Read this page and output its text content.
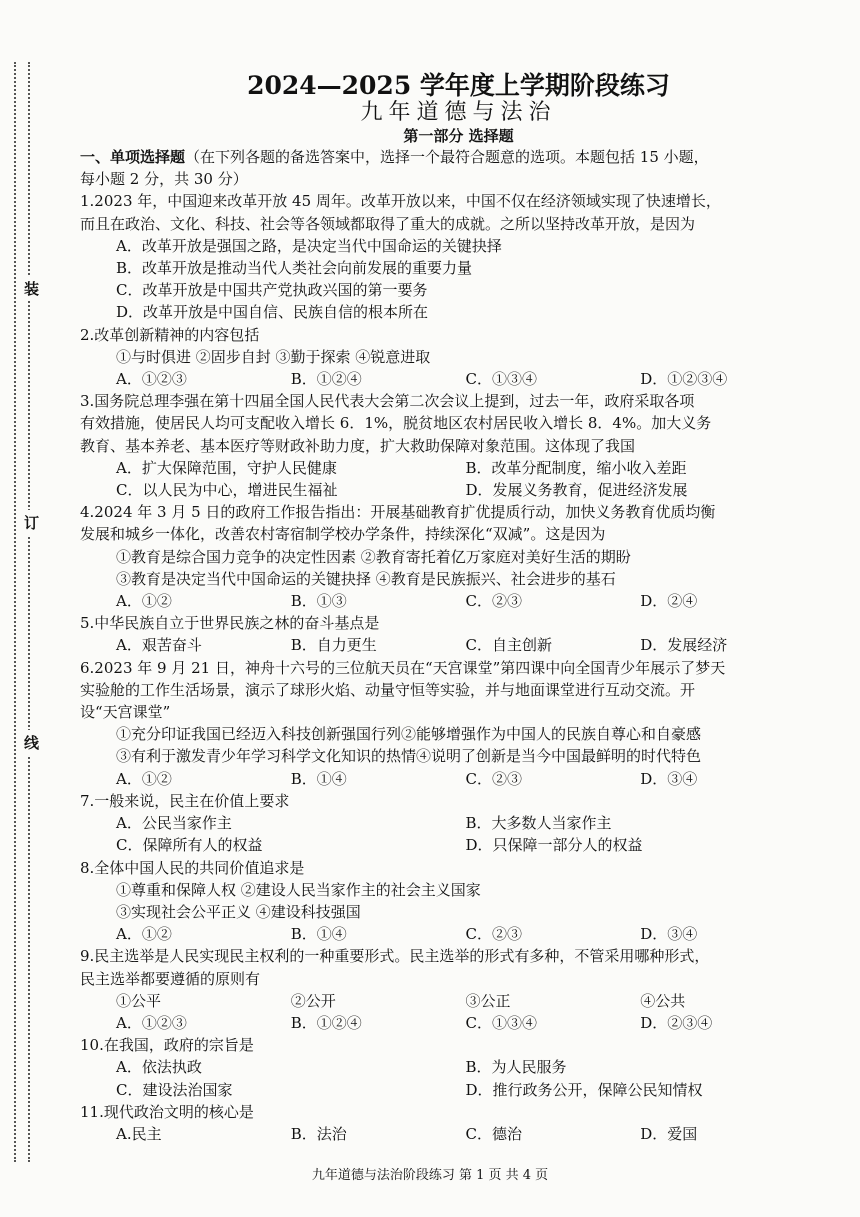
装
订
线
2024—2025 学年度上学期阶段练习
九年道德与法治
第一部分 选择题
一、单项选择题（在下列各题的备选答案中，选择一个最符合题意的选项。本题包括 15 小题，
每小题 2 分，共 30 分）
1.2023 年，中国迎来改革开放 45 周年。改革开放以来，中国不仅在经济领域实现了快速增长，
而且在政治、文化、科技、社会等各领域都取得了重大的成就。之所以坚持改革开放，是因为
A．改革开放是强国之路，是决定当代中国命运的关键抉择
B．改革开放是推动当代人类社会向前发展的重要力量
C．改革开放是中国共产党执政兴国的第一要务
D．改革开放是中国自信、民族自信的根本所在
2.改革创新精神的内容包括
①与时俱进 ②固步自封 ③勤于探索 ④锐意进取
A．①②③	B．①②④	C．①③④	D．①②③④
3.国务院总理李强在第十四届全国人民代表大会第二次会议上提到，过去一年，政府采取各项
有效措施，使居民人均可支配收入增长 6．1%，脱贫地区农村居民收入增长 8．4%。加大义务
教育、基本养老、基本医疗等财政补助力度，扩大救助保障对象范围。这体现了我国
A．扩大保障范围，守护人民健康	B．改革分配制度，缩小收入差距
C．以人民为中心，增进民生福祉	D．发展义务教育，促进经济发展
4.2024 年 3 月 5 日的政府工作报告指出：开展基础教育扩优提质行动，加快义务教育优质均衡
发展和城乡一体化，改善农村寄宿制学校办学条件，持续深化“双减”。这是因为
①教育是综合国力竞争的决定性因素 ②教育寄托着亿万家庭对美好生活的期盼
③教育是决定当代中国命运的关键抉择 ④教育是民族振兴、社会进步的基石
A．①②	B．①③	C．②③	D．②④
5.中华民族自立于世界民族之林的奋斗基点是
A．艰苦奋斗	B．自力更生	C．自主创新	D．发展经济
6.2023 年 9 月 21 日，神舟十六号的三位航天员在“天宫课堂”第四课中向全国青少年展示了梦天
实验舱的工作生活场景，演示了球形火焰、动量守恒等实验，并与地面课堂进行互动交流。开
设“天宫课堂”
①充分印证我国已经迈入科技创新强国行列②能够增强作为中国人的民族自尊心和自豪感
③有利于激发青少年学习科学文化知识的热情④说明了创新是当今中国最鲜明的时代特色
A．①②	B．①④	C．②③	D．③④
7.一般来说，民主在价值上要求
A．公民当家作主	B．大多数人当家作主
C．保障所有人的权益	D．只保障一部分人的权益
8.全体中国人民的共同价值追求是
①尊重和保障人权 ②建设人民当家作主的社会主义国家
③实现社会公平正义 ④建设科技强国
A．①②	B．①④	C．②③	D．③④
9.民主选举是人民实现民主权利的一种重要形式。民主选举的形式有多种，不管采用哪种形式，
民主选举都要遵循的原则有
①公平	②公开	③公正	④公共
A．①②③	B．①②④	C．①③④	D．②③④
10.在我国，政府的宗旨是
A．依法执政	B．为人民服务
C．建设法治国家	D．推行政务公开，保障公民知情权
11.现代政治文明的核心是
A.民主	B．法治	C．德治	D．爱国
九年道德与法治阶段练习 第 1 页 共 4 页
